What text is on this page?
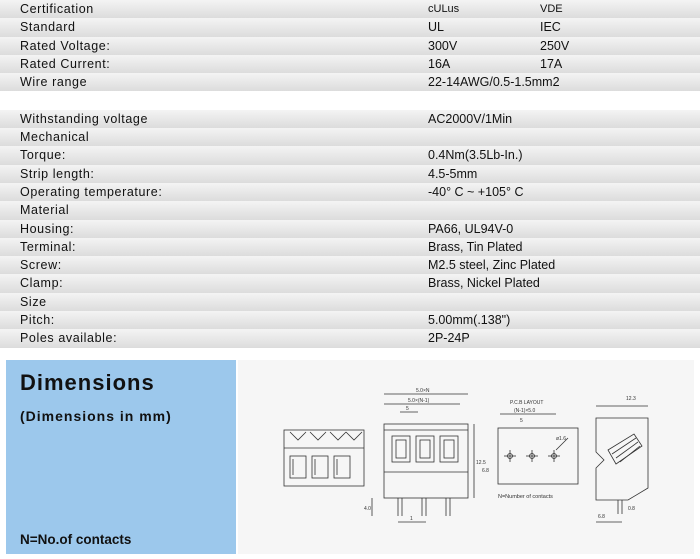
Certification	cULus	VDE
Standard	UL	IEC
Rated Voltage:	300V	250V
Rated Current:	16A	17A
Wire range	22-14AWG/0.5-1.5mm2
Withstanding voltage	AC2000V/1Min
Mechanical
Torque:	0.4Nm(3.5Lb-In.)
Strip length:	4.5-5mm
Operating temperature:	-40° C ~ +105° C
Material
Housing:	PA66, UL94V-0
Terminal:	Brass, Tin Plated
Screw:	M2.5 steel, Zinc Plated
Clamp:	Brass, Nickel Plated
Size
Pitch:	5.00mm(.138")
Poles available:	2P-24P
Dimensions
(Dimensions in mm)
N=No.of contacts
5.0×N
5.0×(N-1)
5
12.5
4.0
1
P.C.B LAYOUT
(N-1)×5.0
5
ø1.6
6.8
N=Number of contacts
12.3
6.8
0.8
